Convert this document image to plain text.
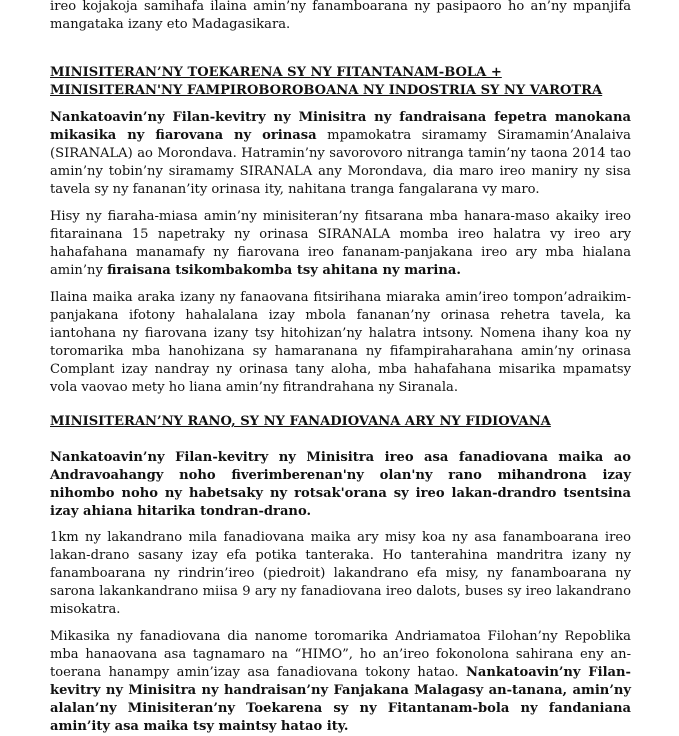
ireo kojakoja samihafa ilaina amin’ny fanamboarana ny pasipaoro ho an’ny mpanjifa mangataka izany eto Madagasikara.

MINISITERAN’NY TOEKARENA SY NY FITANTANAM-BOLA + MINISITERAN'NY FAMPIROBOROBOANA NY INDOSTRIA SY NY VAROTRA

Nankatoavin’ny Filan-kevitry ny Minisitra ny fandraisana fepetra manokana mikasika ny fiarovana ny orinasa mpamokatra siramamy Siramamin’Analaiva (SIRANALA) ao Morondava. Hatramin’ny savorovoro nitranga tamin’ny taona 2014 tao amin’ny tobin’ny siramamy SIRANALA any Morondava, dia maro ireo maniry ny sisa tavela sy ny fananan’ity orinasa ity, nahitana tranga fangalarana vy maro.

Hisy ny fiaraha-miasa amin’ny minisiteran’ny fitsarana mba hanara-maso akaiky ireo fitarainana 15 napetraky ny orinasa SIRANALA momba ireo halatra vy ireo ary hahafahana manamafy ny fiarovana ireo fananam-panjakana ireo ary mba hialana amin’ny firaisana tsikombakomba tsy ahitana ny marina.

Ilaina maika araka izany ny fanaovana fitsirihana miaraka amin’ireo tompon’adraikim-panjakana ifotony hahalalana izay mbola fananan’ny orinasa rehetra tavela, ka iantohana ny fiarovana izany tsy hitohizan’ny halatra intsony. Nomena ihany koa ny toromarika mba hanohizana sy hamaranana ny fifampiraharahana amin’ny orinasa Complant izay nandray ny orinasa tany aloha, mba hahafahana misarika mpamatsy vola vaovao mety ho liana amin’ny fitrandrahana ny Siranala.

MINISITERAN’NY RANO, SY NY FANADIOVANA ARY NY FIDIOVANA

Nankatoavin’ny Filan-kevitry ny Minisitra ireo asa fanadiovana maika ao Andravoahangy noho fiverimberenan'ny olan'ny rano mihandrona izay nihombo noho ny habetsaky ny rotsak'orana sy ireo lakan-drandro tsentsina izay ahiana hitarika tondran-drano.

1km ny lakandrano mila fanadiovana maika ary misy koa ny asa fanamboarana ireo lakan-drano sasany izay efa potika tanteraka. Ho tanterahina mandritra izany ny fanamboarana ny rindrin’ireo (piedroit) lakandrano efa misy, ny fanamboarana ny sarona lakankandrano miisa 9 ary ny fanadiovana ireo dalots, buses sy ireo lakandrano misokatra.

Mikasika ny fanadiovana dia nanome toromarika Andriamatoa Filohan’ny Repoblika mba hanaovana asa tagnamaro na “HIMO”, ho an’ireo fokonolona sahirana eny an-toerana hanampy amin’izay asa fanadiovana tokony hatao. Nankatoavin’ny Filan-kevitry ny Minisitra ny handraisan’ny Fanjakana Malagasy an-tanana, amin’ny alalan’ny Minisiteran’ny Toekarena sy ny Fitantanam-bola ny fandaniana amin’ity asa maika tsy maintsy hatao ity.
